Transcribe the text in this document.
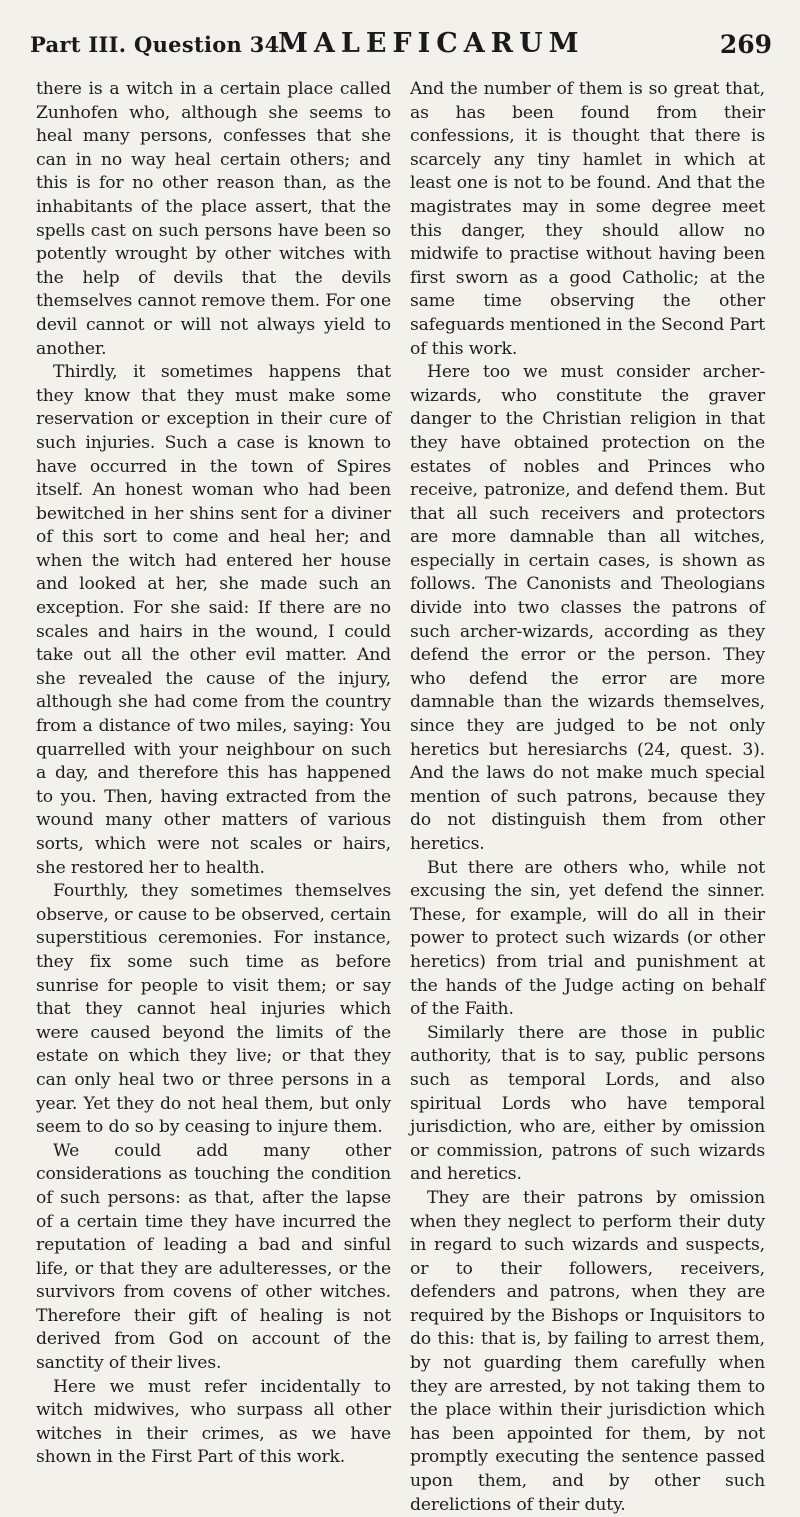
Part III. Question 34.
MALEFICARUM	269

there is a witch in a certain place called Zunhofen who, although she seems to heal many persons, confesses that she can in no way heal certain others; and this is for no other reason than, as the inhabitants of the place assert, that the spells cast on such persons have been so potently wrought by other witches with the help of devils that the devils themselves cannot remove them. For one devil cannot or will not always yield to another.

Thirdly, it sometimes happens that they know that they must make some reservation or exception in their cure of such injuries. Such a case is known to have occurred in the town of Spires itself. An honest woman who had been bewitched in her shins sent for a diviner of this sort to come and heal her; and when the witch had entered her house and looked at her, she made such an exception. For she said: If there are no scales and hairs in the wound, I could take out all the other evil matter. And she revealed the cause of the injury, although she had come from the country from a distance of two miles, saying: You quarrelled with your neighbour on such a day, and therefore this has happened to you. Then, having extracted from the wound many other matters of various sorts, which were not scales or hairs, she restored her to health.

Fourthly, they sometimes themselves observe, or cause to be observed, certain superstitious ceremonies. For instance, they fix some such time as before sunrise for people to visit them; or say that they cannot heal injuries which were caused beyond the limits of the estate on which they live; or that they can only heal two or three persons in a year. Yet they do not heal them, but only seem to do so by ceasing to injure them.

We could add many other considerations as touching the condition of such persons: as that, after the lapse of a certain time they have incurred the reputation of leading a bad and sinful life, or that they are adulteresses, or the survivors from covens of other witches. Therefore their gift of healing is not derived from God on account of the sanctity of their lives.

Here we must refer incidentally to witch midwives, who surpass all other witches in their crimes, as we have shown in the First Part of this work.

And the number of them is so great that, as has been found from their confessions, it is thought that there is scarcely any tiny hamlet in which at least one is not to be found. And that the magistrates may in some degree meet this danger, they should allow no midwife to practise without having been first sworn as a good Catholic; at the same time observing the other safeguards mentioned in the Second Part of this work.

Here too we must consider archer-wizards, who constitute the graver danger to the Christian religion in that they have obtained protection on the estates of nobles and Princes who receive, patronize, and defend them. But that all such receivers and protectors are more damnable than all witches, especially in certain cases, is shown as follows. The Canonists and Theologians divide into two classes the patrons of such archer-wizards, according as they defend the error or the person. They who defend the error are more damnable than the wizards themselves, since they are judged to be not only heretics but heresiarchs (24, quest. 3). And the laws do not make much special mention of such patrons, because they do not distinguish them from other heretics.

But there are others who, while not excusing the sin, yet defend the sinner. These, for example, will do all in their power to protect such wizards (or other heretics) from trial and punishment at the hands of the Judge acting on behalf of the Faith.

Similarly there are those in public authority, that is to say, public persons such as temporal Lords, and also spiritual Lords who have temporal jurisdiction, who are, either by omission or commission, patrons of such wizards and heretics.

They are their patrons by omission when they neglect to perform their duty in regard to such wizards and suspects, or to their followers, receivers, defenders and patrons, when they are required by the Bishops or Inquisitors to do this: that is, by failing to arrest them, by not guarding them carefully when they are arrested, by not taking them to the place within their jurisdiction which has been appointed for them, by not promptly executing the sentence passed upon them, and by other such derelictions of their duty.
